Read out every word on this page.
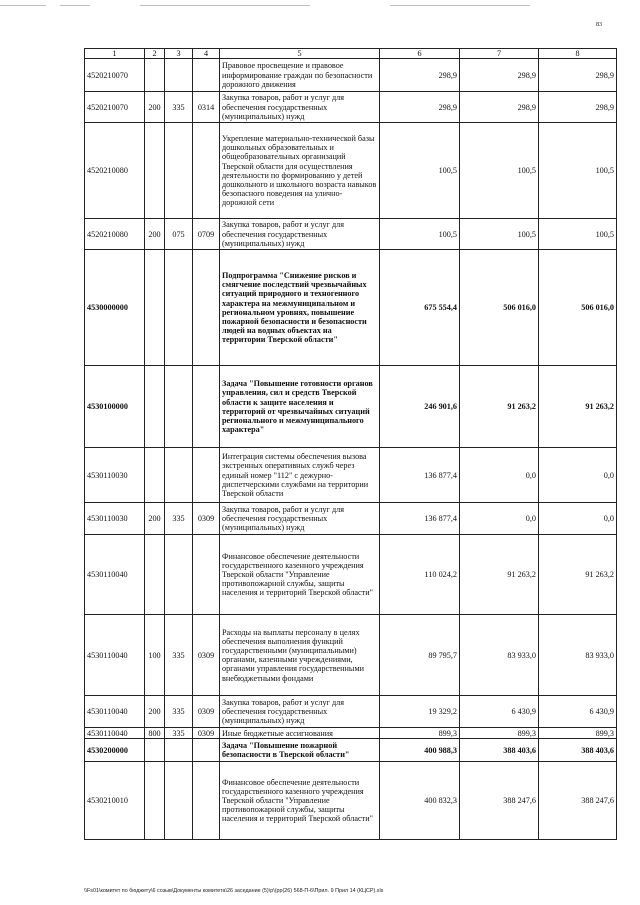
83
1	2	3	4	5	6	7	8
4520210070				Правовое просвещение и правовое информирование граждан по безопасности дорожного движения	298,9	298,9	298,9
4520210070	200	335	0314	Закупка товаров, работ и услуг для обеспечения государственных (муниципальных) нужд	298,9	298,9	298,9
4520210080				Укрепление материально-технической базы дошкольных образовательных и общеобразовательных организаций Тверской области для осуществления деятельности по формированию у детей дошкольного и школьного возраста навыков безопасного поведения на улично-дорожной сети	100,5	100,5	100,5
4520210080	200	075	0709	Закупка товаров, работ и услуг для обеспечения государственных (муниципальных) нужд	100,5	100,5	100,5
4530000000				Подпрограмма "Снижение рисков и смягчение последствий чрезвычайных ситуаций природного и техногенного характера на межмуниципальном и региональном уровнях, повышение пожарной безопасности и безопасности людей на водных объектах на территории Тверской области"	675 554,4	506 016,0	506 016,0
4530100000				Задача "Повышение готовности органов управления, сил и средств Тверской области к защите населения и территорий от чрезвычайных ситуаций регионального и межмуниципального характера"	246 901,6	91 263,2	91 263,2
4530110030				Интеграция системы обеспечения вызова экстренных оперативных служб через единый номер "112" с дежурно-диспетчерскими службами на территории Тверской области	136 877,4	0,0	0,0
4530110030	200	335	0309	Закупка товаров, работ и услуг для обеспечения государственных (муниципальных) нужд	136 877,4	0,0	0,0
4530110040				Финансовое обеспечение деятельности государственного казенного учреждения Тверской области "Управление противопожарной службы, защиты населения и территорий Тверской области"	110 024,2	91 263,2	91 263,2
4530110040	100	335	0309	Расходы на выплаты персоналу в целях обеспечения выполнения функций государственными (муниципальными) органами, казенными учреждениями, органами управления государственными внебюджетными фондами	89 795,7	83 933,0	83 933,0
4530110040	200	335	0309	Закупка товаров, работ и услуг для обеспечения государственных (муниципальных) нужд	19 329,2	6 430,9	6 430,9
4530110040	800	335	0309	Иные бюджетные ассигнования	899,3	899,3	899,3
4530200000				Задача "Повышение пожарной безопасности в Тверской области"	400 988,3	388 403,6	388 403,6
4530210010				Финансовое обеспечение деятельности государственного казенного учреждения Тверской области "Управление противопожарной службы, защиты населения и территорий Тверской области"	400 832,3	388 247,6	388 247,6
\\Fs01\комитет по бюджету\6 созыв\Документы комитета\26 заседание (5)\р\(рр(26) 568-П-6\Прил. 9 Прил 14 (КЦСР).xls
